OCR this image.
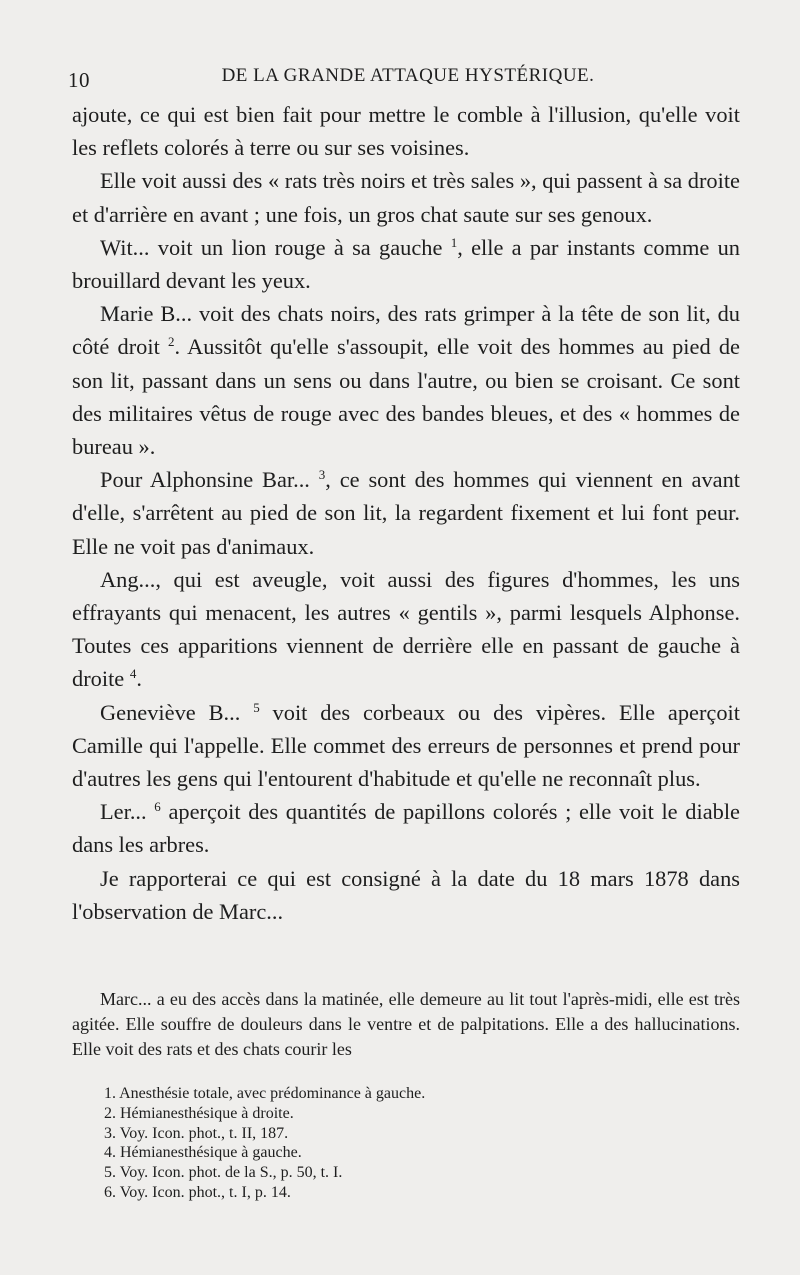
10	DE LA GRANDE ATTAQUE HYSTÉRIQUE.

ajoute, ce qui est bien fait pour mettre le comble à l'illusion, qu'elle voit les reflets colorés à terre ou sur ses voisines.

Elle voit aussi des « rats très noirs et très sales », qui passent à sa droite et d'arrière en avant ; une fois, un gros chat saute sur ses genoux.

Wit... voit un lion rouge à sa gauche $^1$, elle a par instants comme un brouillard devant les yeux.

Marie B... voit des chats noirs, des rats grimper à la tête de son lit, du côté droit $^2$. Aussitôt qu'elle s'assoupit, elle voit des hommes au pied de son lit, passant dans un sens ou dans l'autre, ou bien se croisant. Ce sont des militaires vêtus de rouge avec des bandes bleues, et des « hommes de bureau ».

Pour Alphonsine Bar... $^3$, ce sont des hommes qui viennent en avant d'elle, s'arrêtent au pied de son lit, la regardent fixement et lui font peur. Elle ne voit pas d'animaux.

Ang..., qui est aveugle, voit aussi des figures d'hommes, les uns effrayants qui menacent, les autres « gentils », parmi lesquels Alphonse. Toutes ces apparitions viennent de derrière elle en passant de gauche à droite $^4$.

Geneviève B... $^5$ voit des corbeaux ou des vipères. Elle aperçoit Camille qui l'appelle. Elle commet des erreurs de personnes et prend pour d'autres les gens qui l'entourent d'habitude et qu'elle ne reconnaît plus.

Ler... $^6$ aperçoit des quantités de papillons colorés ; elle voit le diable dans les arbres.

Je rapporterai ce qui est consigné à la date du 18 mars 1878 dans l'observation de Marc...

Marc... a eu des accès dans la matinée, elle demeure au lit tout l'après-midi, elle est très agitée. Elle souffre de douleurs dans le ventre et de palpitations. Elle a des hallucinations. Elle voit des rats et des chats courir les

1. Anesthésie totale, avec prédominance à gauche.
2. Hémianesthésique à droite.
3. Voy. Icon. phot., t. II, 187.
4. Hémianesthésique à gauche.
5. Voy. Icon. phot. de la S., p. 50, t. I.
6. Voy. Icon. phot., t. I, p. 14.
